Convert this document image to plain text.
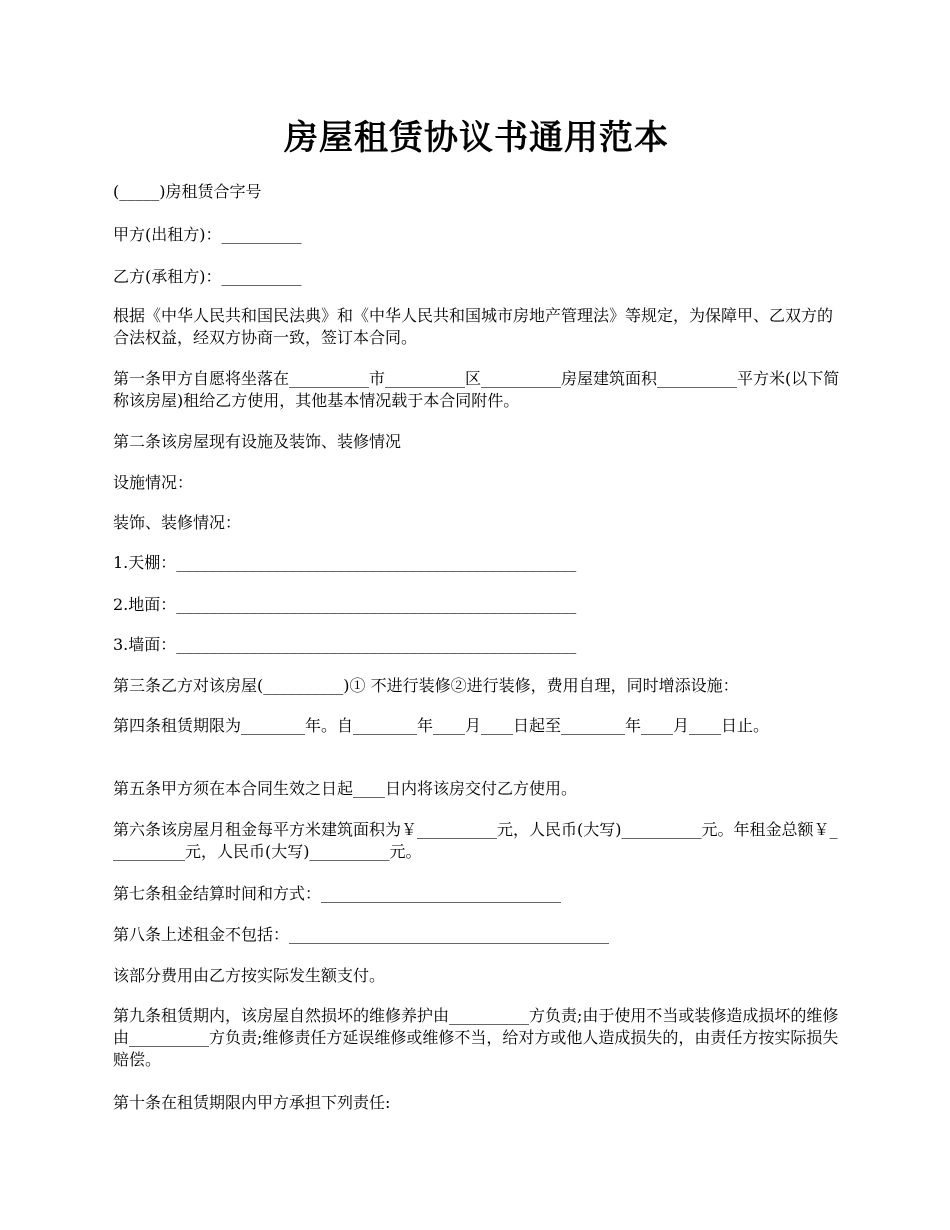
房屋租赁协议书通用范本

(_____)房租赁合字号

甲方(出租方)：__________

乙方(承租方)：__________

根据《中华人民共和国民法典》和《中华人民共和国城市房地产管理法》等规定，为保障甲、乙双方的合法权益，经双方协商一致，签订本合同。

第一条甲方自愿将坐落在__________市__________区__________房屋建筑面积__________平方米(以下简称该房屋)租给乙方使用，其他基本情况载于本合同附件。

第二条该房屋现有设施及装饰、装修情况

设施情况：

装饰、装修情况：

1.天棚：__________________________________________________

2.地面：__________________________________________________

3.墙面：__________________________________________________

第三条乙方对该房屋(__________)① 不进行装修②进行装修，费用自理，同时增添设施：

第四条租赁期限为________年。自________年____月____日起至________年____月____日止。

第五条甲方须在本合同生效之日起____日内将该房交付乙方使用。

第六条该房屋月租金每平方米建筑面积为￥__________元，人民币(大写)__________元。年租金总额￥__________元，人民币(大写)__________元。

第七条租金结算时间和方式：______________________________

第八条上述租金不包括：________________________________________

该部分费用由乙方按实际发生额支付。

第九条租赁期内，该房屋自然损坏的维修养护由__________方负责;由于使用不当或装修造成损坏的维修由__________方负责;维修责任方延误维修或维修不当，给对方或他人造成损失的，由责任方按实际损失赔偿。

第十条在租赁期限内甲方承担下列责任:
